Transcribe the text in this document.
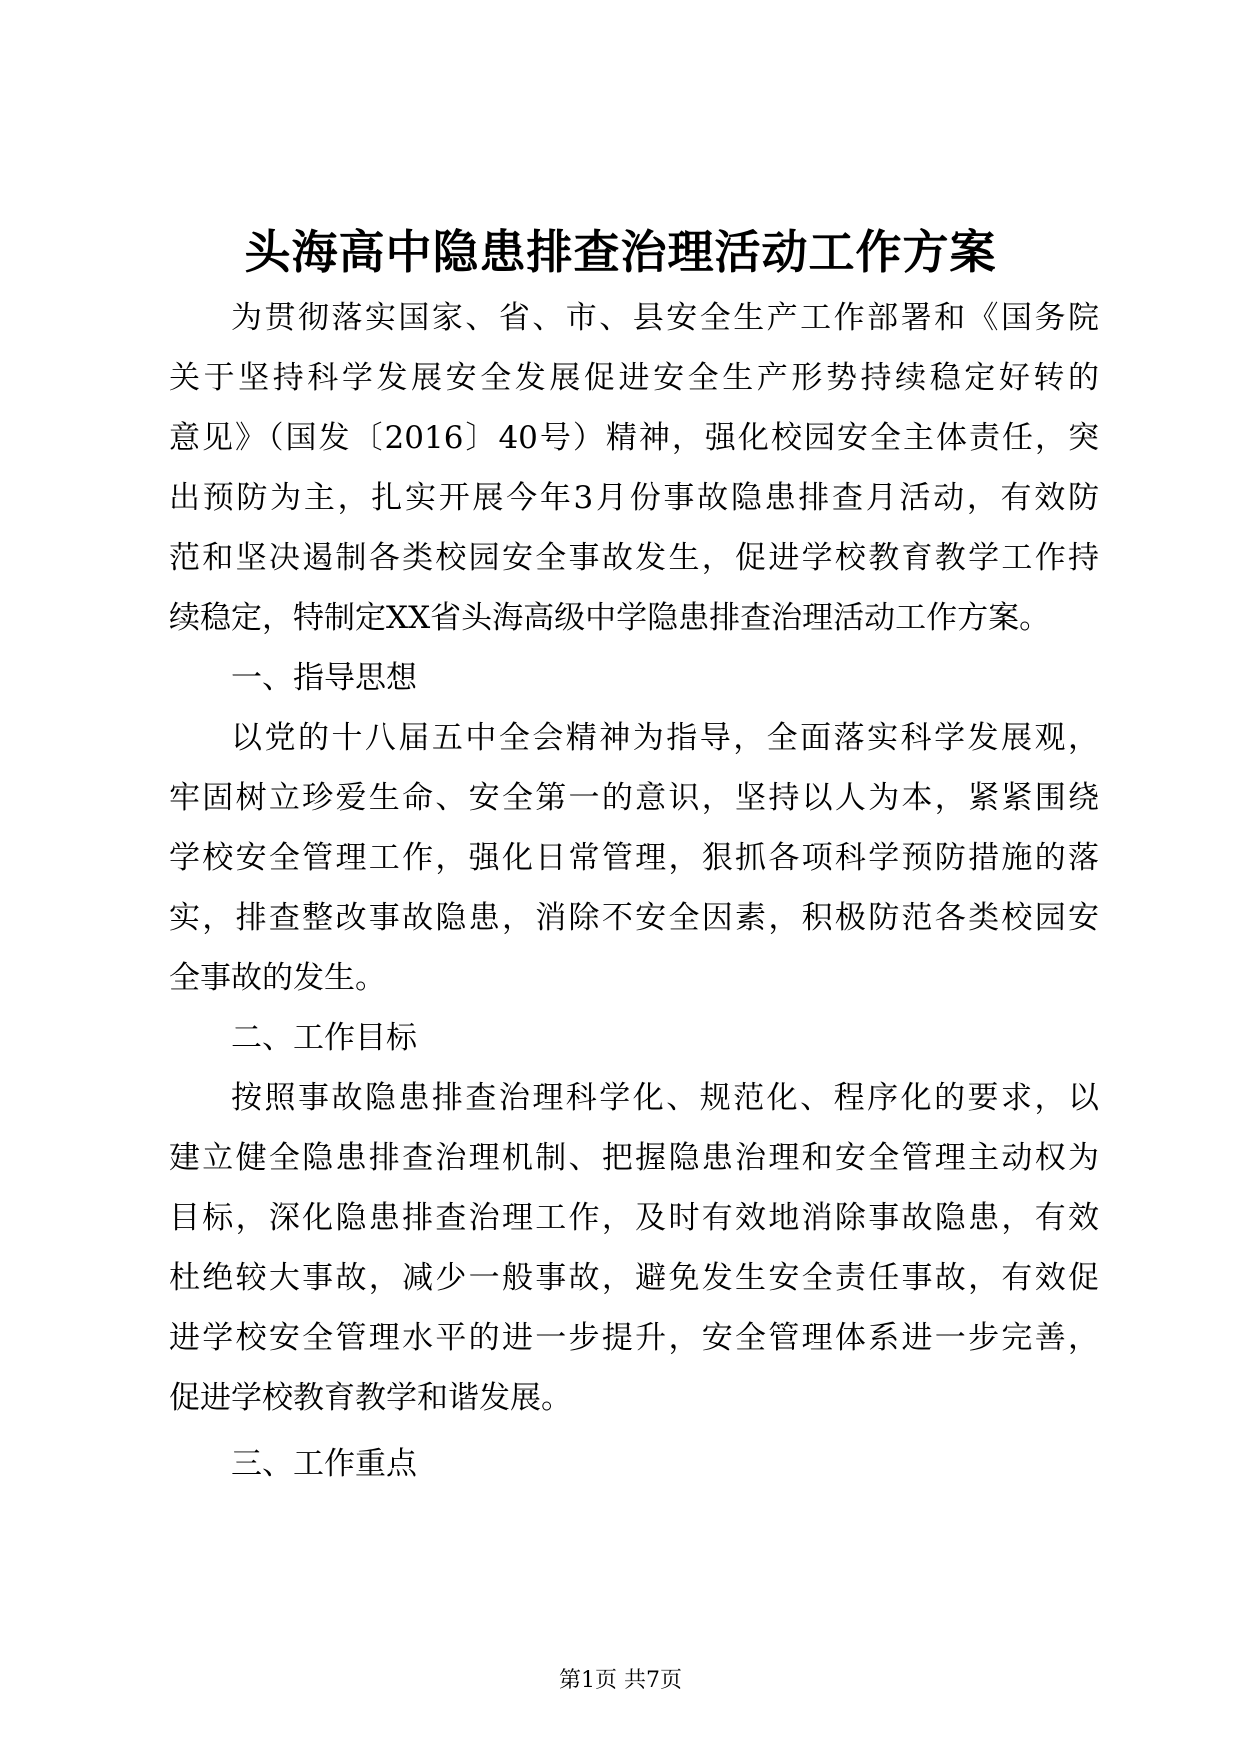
头海高中隐患排查治理活动工作方案
为贯彻落实国家、省、市、县安全生产工作部署和《国务院
关于坚持科学发展安全发展促进安全生产形势持续稳定好转的
意见》（国发〔2016〕40号）精神，强化校园安全主体责任，突
出预防为主，扎实开展今年3月份事故隐患排查月活动，有效防
范和坚决遏制各类校园安全事故发生，促进学校教育教学工作持
续稳定，特制定XX省头海高级中学隐患排查治理活动工作方案。
一、指导思想
以党的十八届五中全会精神为指导，全面落实科学发展观，
牢固树立珍爱生命、安全第一的意识，坚持以人为本，紧紧围绕
学校安全管理工作，强化日常管理，狠抓各项科学预防措施的落
实，排查整改事故隐患，消除不安全因素，积极防范各类校园安
全事故的发生。
二、工作目标
按照事故隐患排查治理科学化、规范化、程序化的要求，以
建立健全隐患排查治理机制、把握隐患治理和安全管理主动权为
目标，深化隐患排查治理工作，及时有效地消除事故隐患，有效
杜绝较大事故，减少一般事故，避免发生安全责任事故，有效促
进学校安全管理水平的进一步提升，安全管理体系进一步完善，
促进学校教育教学和谐发展。
三、工作重点
第1页 共7页
